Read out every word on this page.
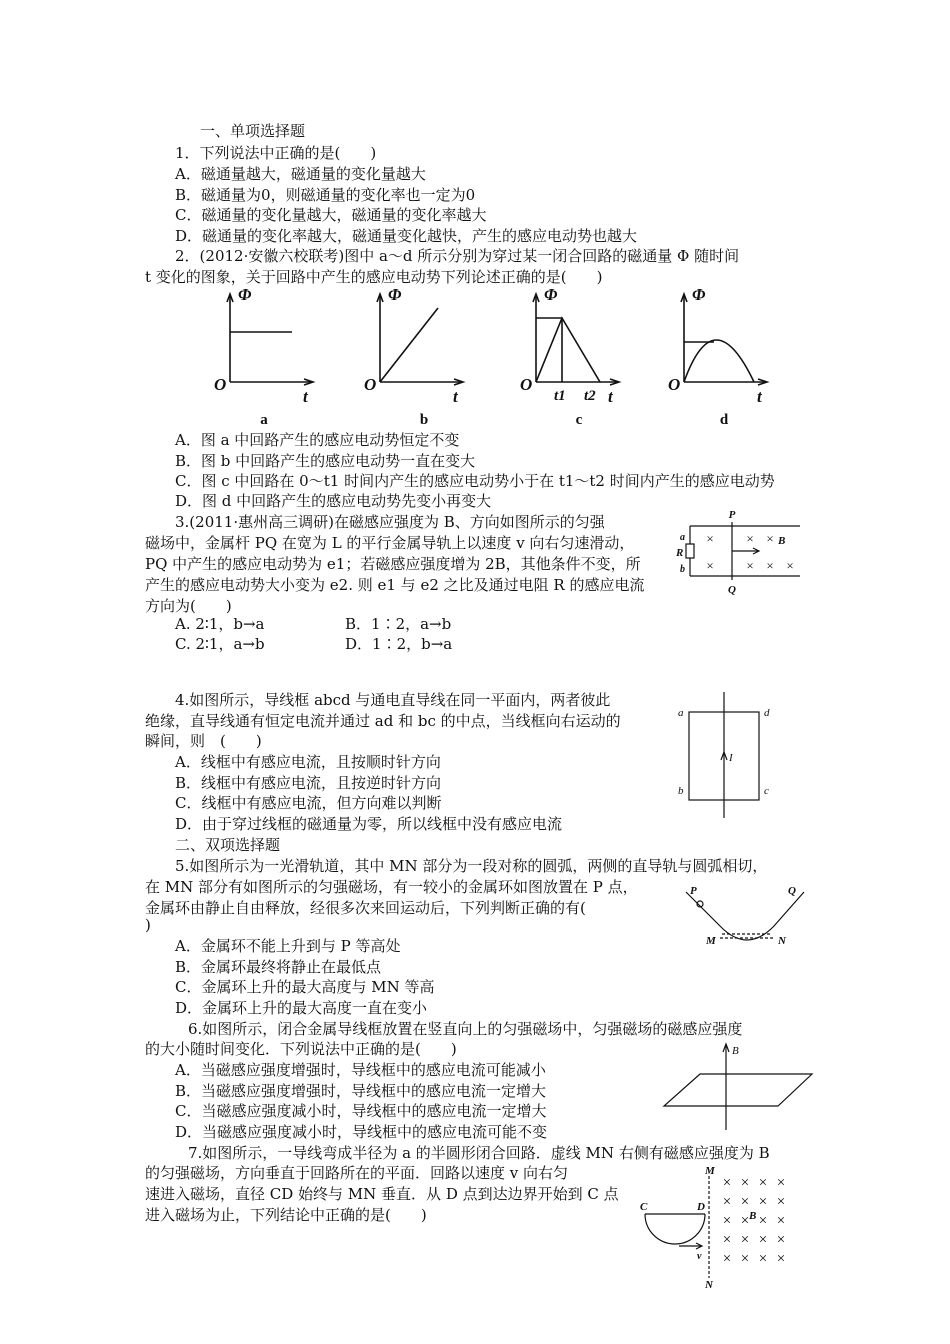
一、单项选择题
1．下列说法中正确的是(　　)
A．磁通量越大，磁通量的变化量越大
B．磁通量为0，则磁通量的变化率也一定为0
C．磁通量的变化量越大，磁通量的变化率越大
D．磁通量的变化率越大，磁通量变化越快，产生的感应电动势也越大
2．(2012·安徽六校联考)图中 a～d 所示分别为穿过某一闭合回路的磁通量 Φ 随时间
t 变化的图象，关于回路中产生的感应电动势下列论述正确的是(　　)
Φ	Φ	Φ	Φ
O	O	O	O
t	t	t	t
t1 t2
a	b	c	d
A．图 a 中回路产生的感应电动势恒定不变
B．图 b 中回路产生的感应电动势一直在变大
C．图 c 中回路在 0～t1 时间内产生的感应电动势小于在 t1～t2 时间内产生的感应电动势
D．图 d 中回路产生的感应电动势先变小再变大
3.(2011·惠州高三调研)在磁感应强度为 B、方向如图所示的匀强
磁场中，金属杆 PQ 在宽为 L 的平行金属导轨上以速度 v 向右匀速滑动，
PQ 中产生的感应电动势为 e1；若磁感应强度增为 2B，其他条件不变，所
产生的感应电动势大小变为 e2. 则 e1 与 e2 之比及通过电阻 R 的感应电流
方向为(　　)
A. 2∶1，b→a	B．1∶2，a→b
C. 2∶1，a→b	D．1∶2，b→a
×	× ×
×	× × ×
P
Q
R
a
b
B
4.如图所示，导线框 abcd 与通电直导线在同一平面内，两者彼此
绝缘，直导线通有恒定电流并通过 ad 和 bc 的中点，当线框向右运动的
瞬间，则　(　　)
A．线框中有感应电流，且按顺时针方向
B．线框中有感应电流，且按逆时针方向
C．线框中有感应电流，但方向难以判断
D．由于穿过线框的磁通量为零，所以线框中没有感应电流
a
b	c
d
I
二、双项选择题
5.如图所示为一光滑轨道，其中 MN 部分为一段对称的圆弧，两侧的直导轨与圆弧相切，
在 MN 部分有如图所示的匀强磁场，有一较小的金属环如图放置在 P 点，
金属环由静止自由释放，经很多次来回运动后，下列判断正确的有(
)
A．金属环不能上升到与 P 等高处
B．金属环最终将静止在最低点
C．金属环上升的最大高度与 MN 等高
D．金属环上升的最大高度一直在变小
P	Q
M	N
6.如图所示，闭合金属导线框放置在竖直向上的匀强磁场中，匀强磁场的磁感应强度
的大小随时间变化．下列说法中正确的是(　　)
A．当磁感应强度增强时，导线框中的感应电流可能减小
B．当磁感应强度增强时，导线框中的感应电流一定增大
C．当磁感应强度减小时，导线框中的感应电流一定增大
D．当磁感应强度减小时，导线框中的感应电流可能不变
B
7.如图所示，一导线弯成半径为 a 的半圆形闭合回路．虚线 MN 右侧有磁感应强度为 B
的匀强磁场，方向垂直于回路所在的平面．回路以速度 v 向右匀
速进入磁场，直径 CD 始终与 MN 垂直．从 D 点到达边界开始到 C 点
进入磁场为止，下列结论中正确的是(　　)
× × × ×
× × × ×
× × × ×
× × × ×
× × × ×
M
N
C	D
B
v
